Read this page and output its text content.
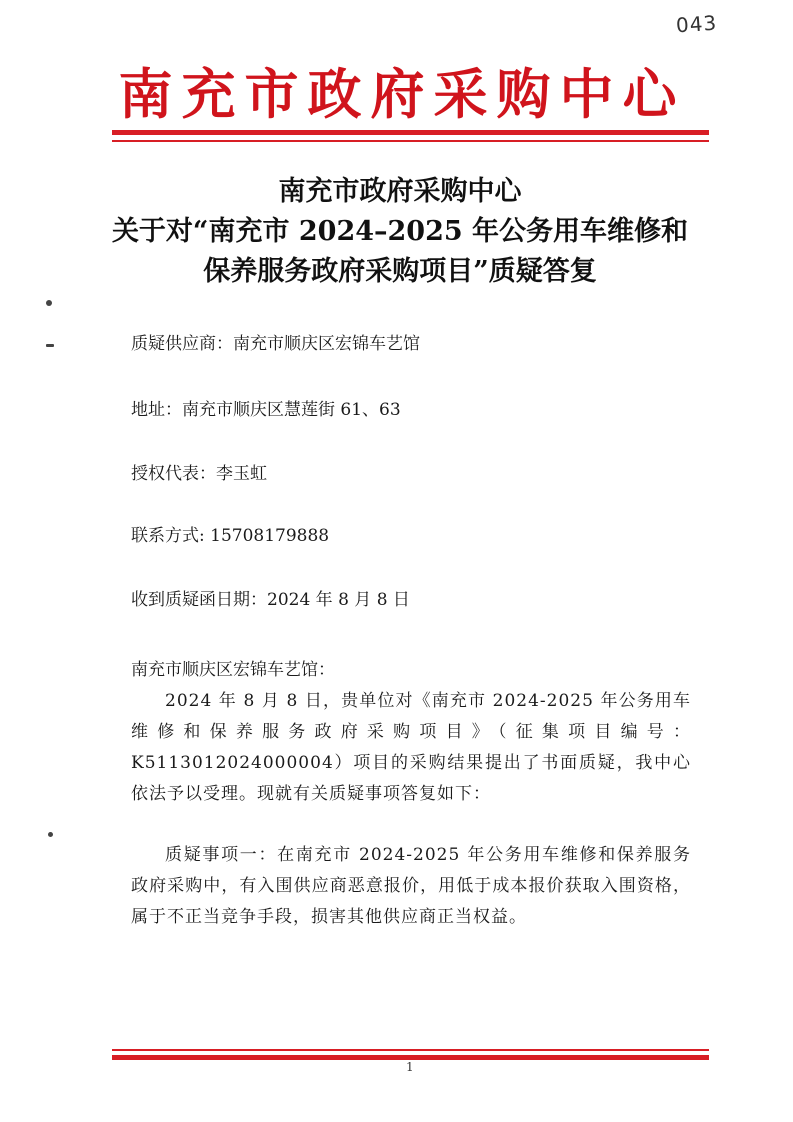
043
南充市政府采购中心
南充市政府采购中心
关于对“南充市 2024–2025 年公务用车维修和
保养服务政府采购项目”质疑答复
质疑供应商：南充市顺庆区宏锦车艺馆
地址：南充市顺庆区慧莲街 61、63
授权代表：李玉虹
联系方式: 15708179888
收到质疑函日期：2024 年 8 月 8 日
南充市顺庆区宏锦车艺馆：
2024 年 8 月 8 日，贵单位对《南充市 2024-2025 年公务用车维修和保养服务政府采购项目》（征集项目编号：K5113012024000004）项目的采购结果提出了书面质疑，我中心依法予以受理。现就有关质疑事项答复如下：
质疑事项一：在南充市 2024-2025 年公务用车维修和保养服务政府采购中，有入围供应商恶意报价，用低于成本报价获取入围资格，属于不正当竞争手段，损害其他供应商正当权益。
1
